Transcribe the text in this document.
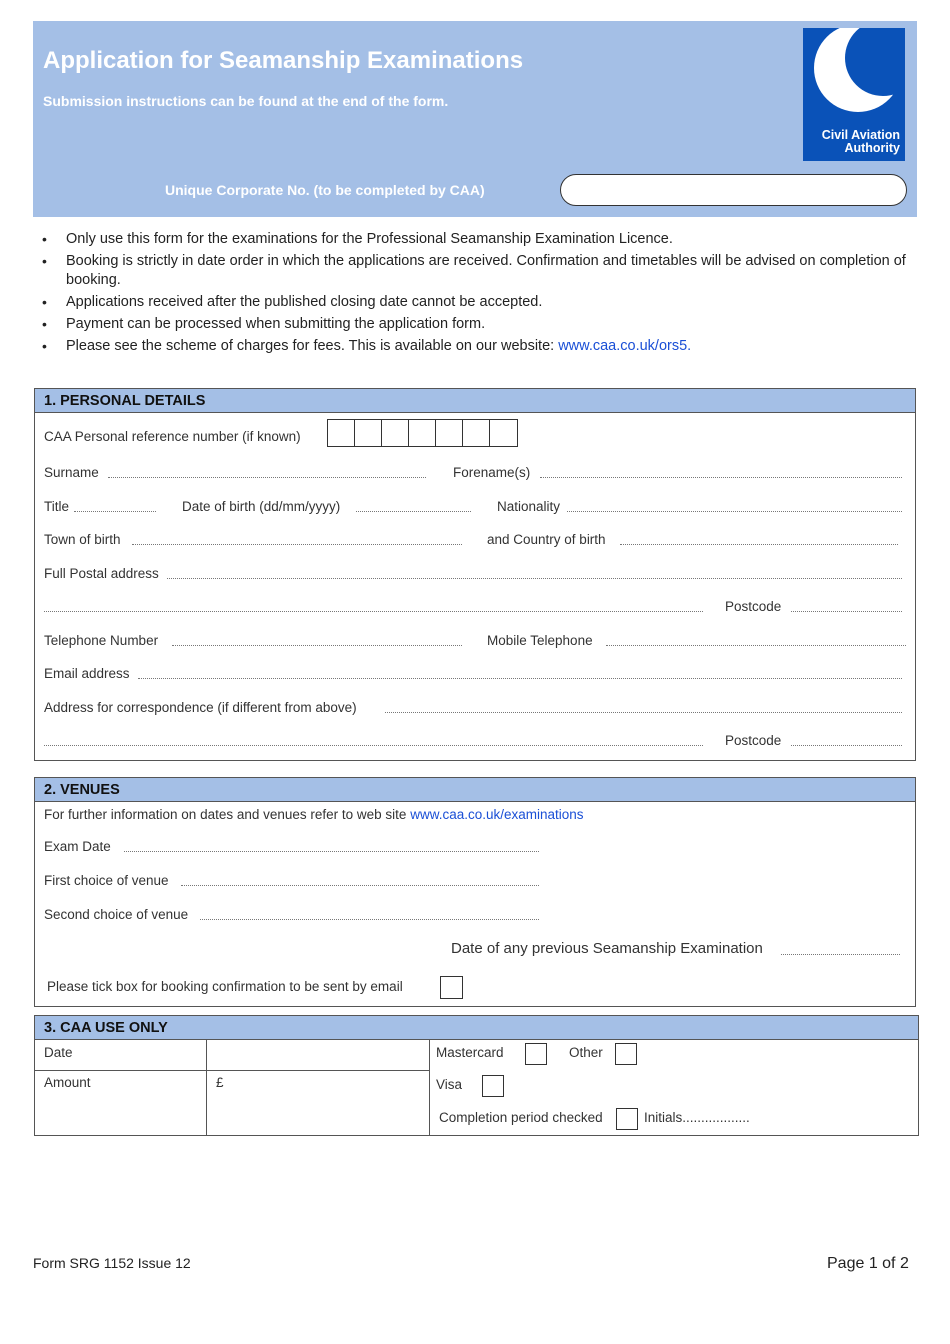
Application for Seamanship Examinations
Submission instructions can be found at the end of the form.
Unique Corporate No. (to be completed by CAA)
Civil Aviation
Authority
• Only use this form for the examinations for the Professional Seamanship Examination Licence.
• Booking is strictly in date order in which the applications are received. Confirmation and timetables will be advised on completion of booking.
• Applications received after the published closing date cannot be accepted.
• Payment can be processed when submitting the application form.
• Please see the scheme of charges for fees. This is available on our website: www.caa.co.uk/ors5.
1. PERSONAL DETAILS
CAA Personal reference number (if known)
Surname	Forename(s)
Title	Date of birth (dd/mm/yyyy)	Nationality
Town of birth	and Country of birth
Full Postal address
Postcode
Telephone Number	Mobile Telephone
Email address
Address for correspondence (if different from above)
Postcode
2. VENUES
For further information on dates and venues refer to web site www.caa.co.uk/examinations
Exam Date
First choice of venue
Second choice of venue
Date of any previous Seamanship Examination
Please tick box for booking confirmation to be sent by email
3. CAA USE ONLY
Date
Amount	£
Mastercard	Other
Visa
Completion period checked	Initials..................
Form SRG 1152 Issue 12	Page 1 of 2
